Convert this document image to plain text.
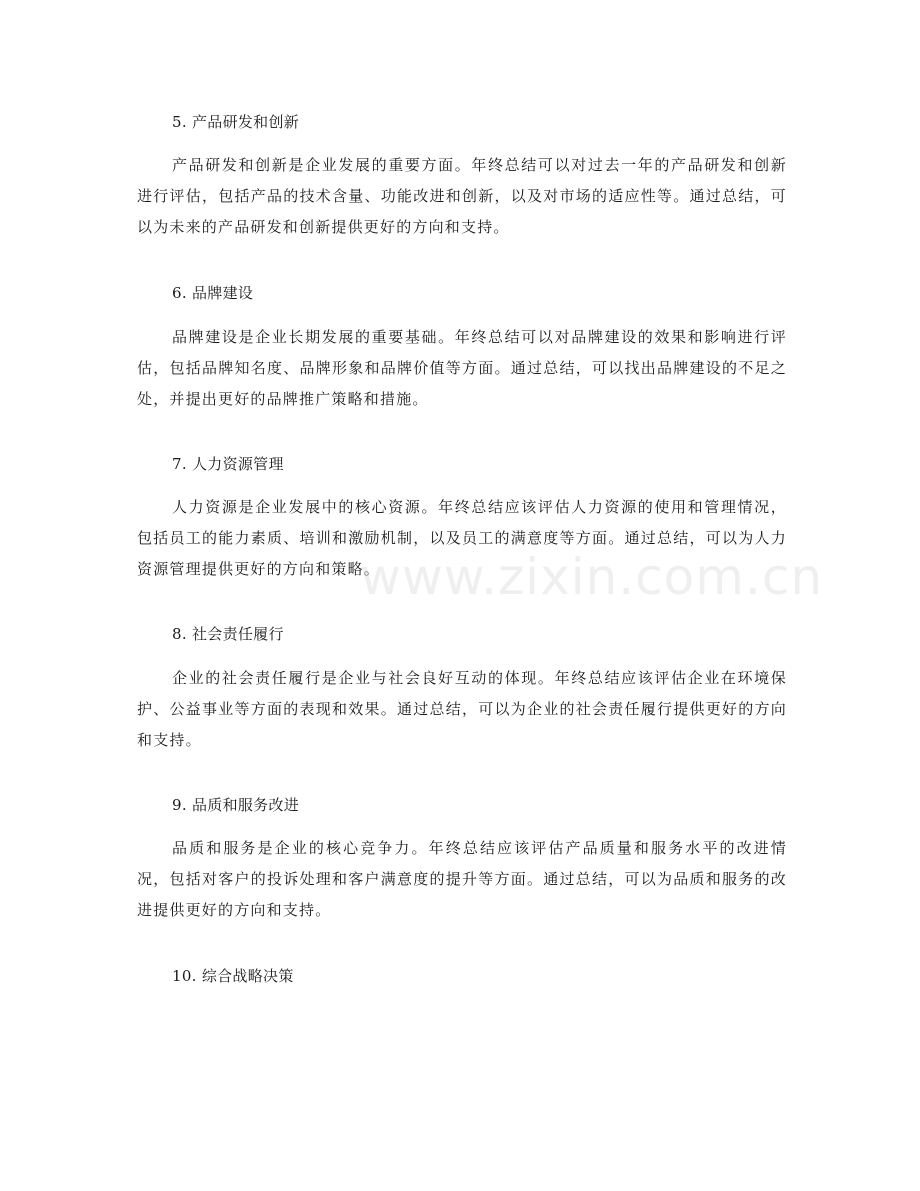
5. 产品研发和创新
产品研发和创新是企业发展的重要方面。年终总结可以对过去一年的产品研发和创新进行评估，包括产品的技术含量、功能改进和创新，以及对市场的适应性等。通过总结，可以为未来的产品研发和创新提供更好的方向和支持。
6. 品牌建设
品牌建设是企业长期发展的重要基础。年终总结可以对品牌建设的效果和影响进行评估，包括品牌知名度、品牌形象和品牌价值等方面。通过总结，可以找出品牌建设的不足之处，并提出更好的品牌推广策略和措施。
7. 人力资源管理
人力资源是企业发展中的核心资源。年终总结应该评估人力资源的使用和管理情况，包括员工的能力素质、培训和激励机制，以及员工的满意度等方面。通过总结，可以为人力资源管理提供更好的方向和策略。
8. 社会责任履行
企业的社会责任履行是企业与社会良好互动的体现。年终总结应该评估企业在环境保护、公益事业等方面的表现和效果。通过总结，可以为企业的社会责任履行提供更好的方向和支持。
9. 品质和服务改进
品质和服务是企业的核心竞争力。年终总结应该评估产品质量和服务水平的改进情况，包括对客户的投诉处理和客户满意度的提升等方面。通过总结，可以为品质和服务的改进提供更好的方向和支持。
10. 综合战略决策
www.zixin.com.cn
